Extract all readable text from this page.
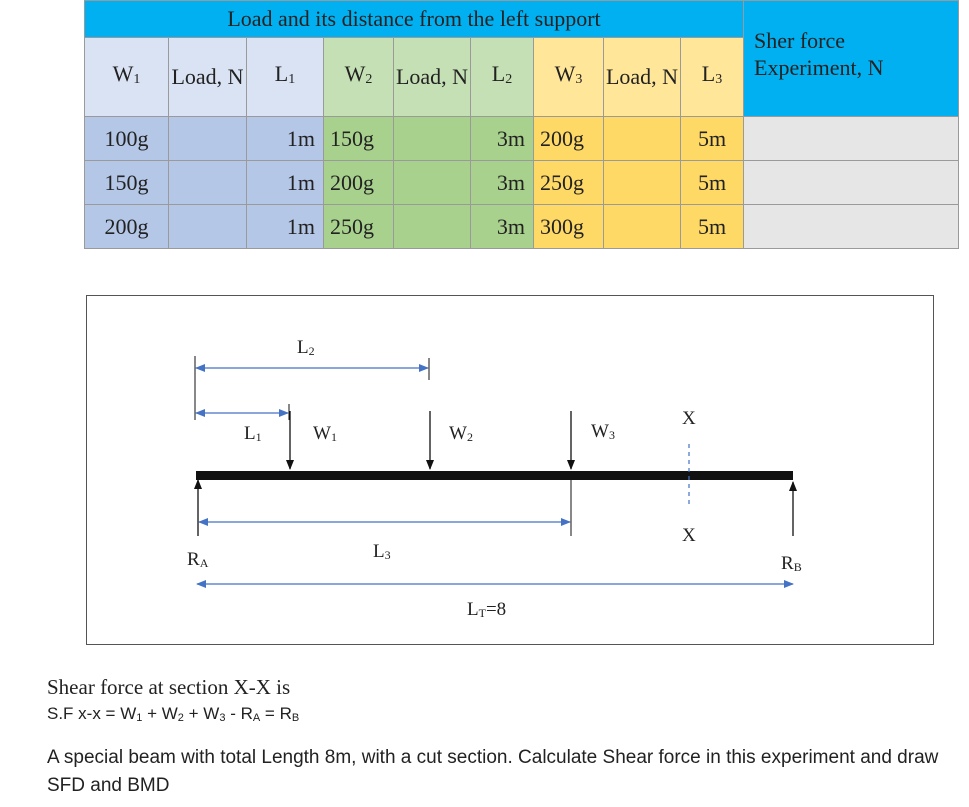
Load and its distance from the left support									Sher force Experiment, N
W1	Load, N	L1	W2	Load, N	L2	W3	Load, N	L3	
100g		1m	150g		3m	200g		5m	
150g		1m	200g		3m	250g		5m	
200g		1m	250g		3m	300g		5m	
L2
L1	W1	W2	W3
X
X
RA
L3	RB
LT=8
Shear force at section X-X is
S.F x-x = W1 + W2 + W3 - RA = RB
A special beam with total Length 8m, with a cut section. Calculate Shear force in this experiment and draw SFD and BMD
